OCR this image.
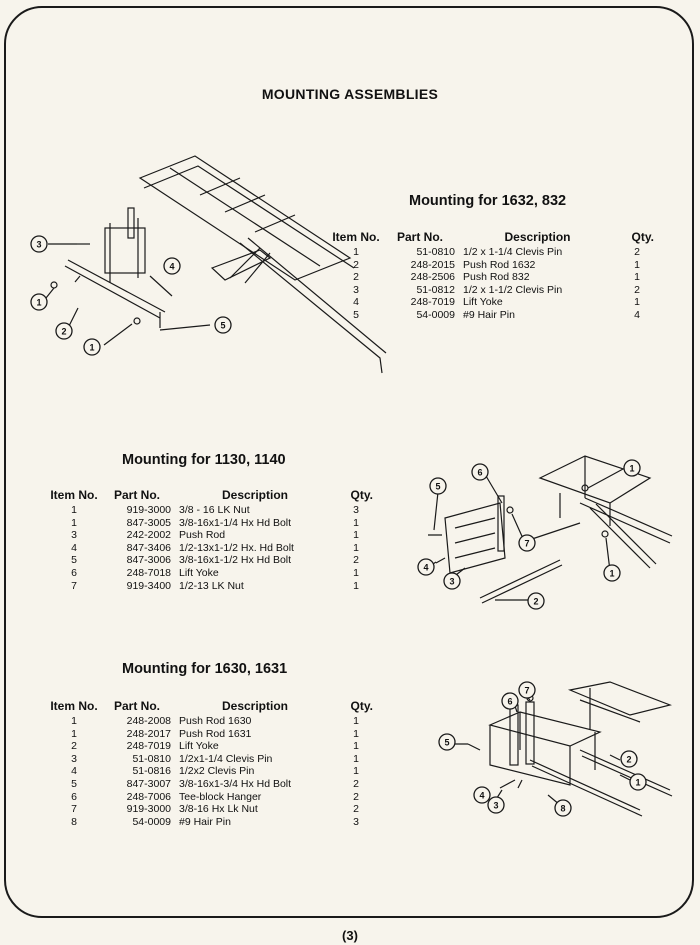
MOUNTING ASSEMBLIES
Mounting for 1632, 832
Item No.	Part No.	Description	Qty.
1	51-0810	1/2 x 1-1/4 Clevis Pin	2
2	248-2015	Push Rod 1632	1
2	248-2506	Push Rod 832	1
3	51-0812	1/2 x 1-1/2 Clevis Pin	2
4	248-7019	Lift Yoke	1
5	54-0009	#9 Hair Pin	4
3
1
2
1
4
5
Mounting for 1130, 1140
Item No.	Part No.	Description	Qty.
1	919-3000	3/8 - 16 LK Nut	3
1	847-3005	3/8-16x1-1/4 Hx Hd Bolt	1
3	242-2002	Push Rod	1
4	847-3406	1/2-13x1-1/2 Hx. Hd Bolt	1
5	847-3006	3/8-16x1-1/2 Hx Hd Bolt	2
6	248-7018	Lift Yoke	1
7	919-3400	1/2-13 LK Nut	1
5
6
7
1
1
2
4
3
Mounting for 1630, 1631
Item No.	Part No.	Description	Qty.
1	248-2008	Push Rod 1630	1
1	248-2017	Push Rod 1631	1
2	248-7019	Lift Yoke	1
3	51-0810	1/2x1-1/4 Clevis Pin	1
4	51-0816	1/2x2 Clevis Pin	1
5	847-3007	3/8-16x1-3/4 Hx Hd Bolt	2
6	248-7006	Tee-block Hanger	2
7	919-3000	3/8-16 Hx Lk Nut	2
8	54-0009	#9 Hair Pin	3
5
4
3
6
7
2
1
8
(3)
